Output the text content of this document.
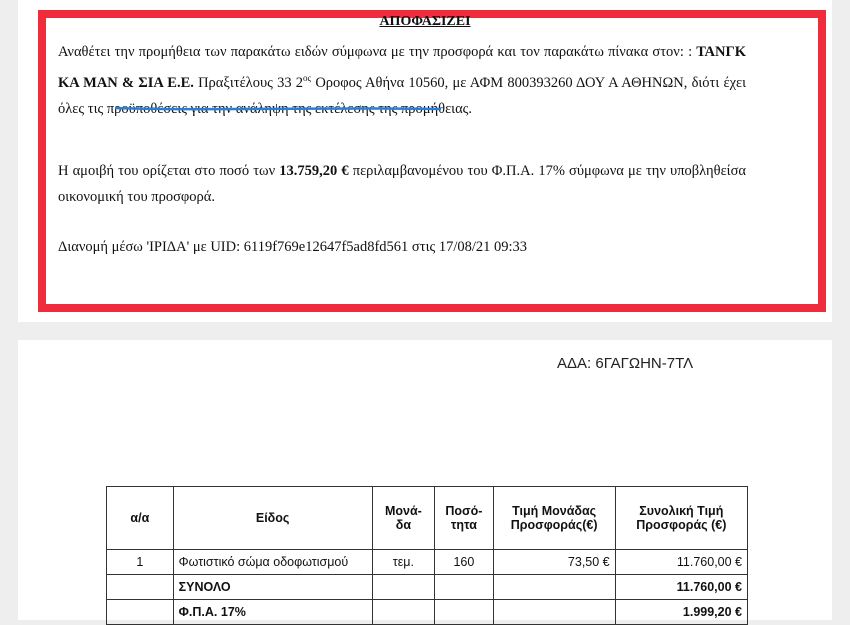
ΑΠΟΦΑΣΙΖΕΙ
Αναθέτει την προμήθεια των παρακάτω ειδών σύμφωνα με την προσφορά και τον παρακάτω πίνακα στον: : ΤΑΝΓΚ ΚΑ ΜΑΝ & ΣΙΑ Ε.Ε. Πραξιτέλους 33 $2^{o\varsigma}$ Οροφος Αθήνα 10560, με ΑΦΜ 800393260 ΔΟΥ Α ΑΘΗΝΩΝ, διότι έχει όλες τις προϋποθέσεις για την ανάληψη της εκτέλεσης της προμήθειας.
Η αμοιβή του ορίζεται στο ποσό των 13.759,20 € περιλαμβανομένου του Φ.Π.Α. 17% σύμφωνα με την υποβληθείσα οικονομική του προσφορά.
Διανομή μέσω 'ΙΡΙΔΑ' με UID: 6119f769e12647f5ad8fd561 στις 17/08/21 09:33
ΑΔΑ: 6ΓΑΓΩΗΝ-7ΤΛ
α/α	Είδος	Μονά-δα	Ποσό-τητα	Τιμή Μονάδας Προσφοράς(€)	Συνολική Τιμή Προσφοράς (€)
1	Φωτιστικό σώμα οδοφωτισμού	τεμ.	160	73,50 €	11.760,00 €
	ΣΥΝΟΛΟ				11.760,00 €
	Φ.Π.Α. 17%				1.999,20 €
